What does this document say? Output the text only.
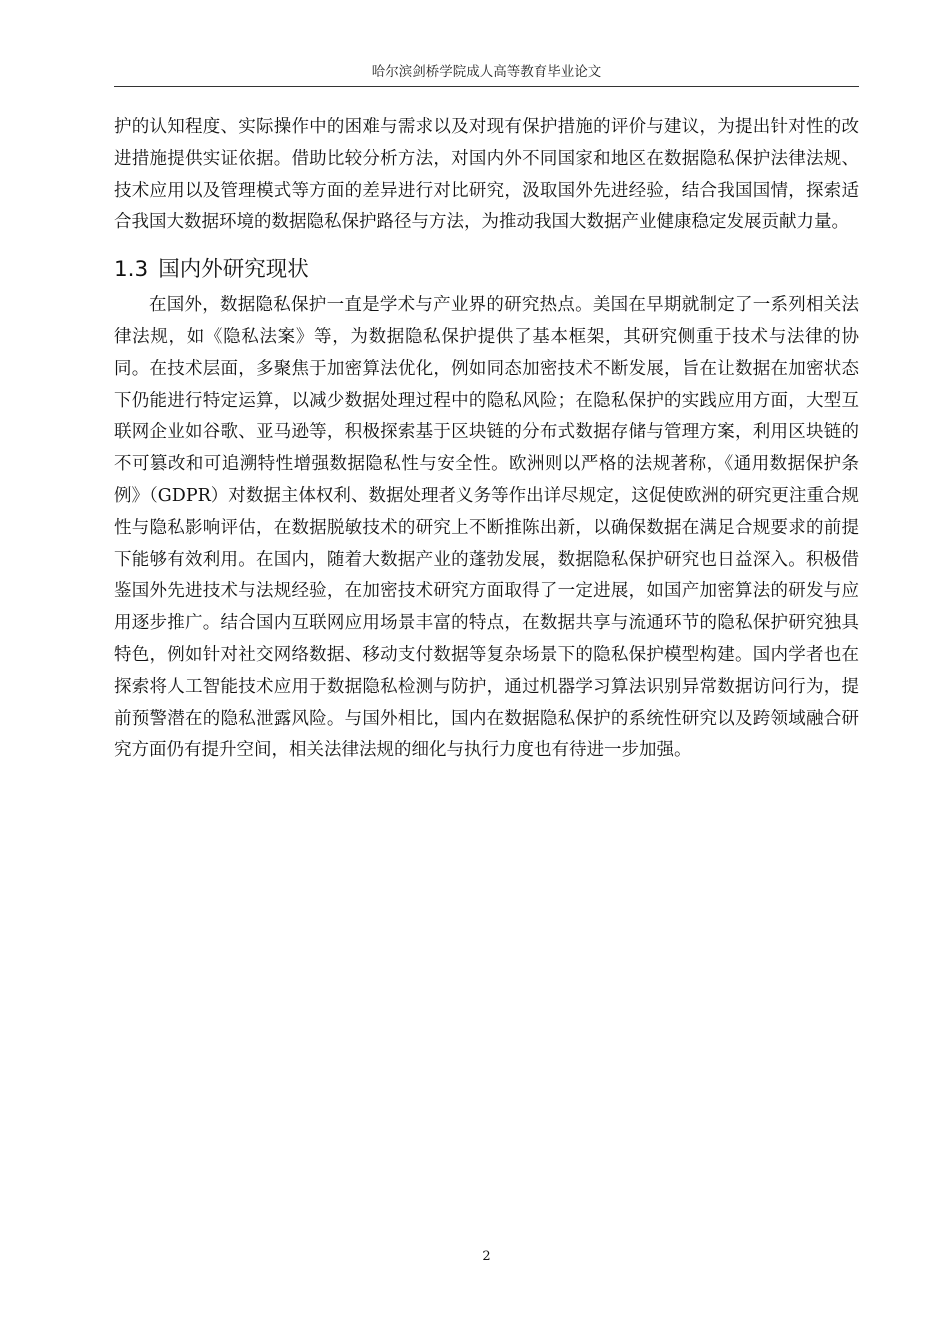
哈尔滨剑桥学院成人高等教育毕业论文

护的认知程度、实际操作中的困难与需求以及对现有保护措施的评价与建议，为提出针对性的改进措施提供实证依据。借助比较分析方法，对国内外不同国家和地区在数据隐私保护法律法规、技术应用以及管理模式等方面的差异进行对比研究，汲取国外先进经验，结合我国国情，探索适合我国大数据环境的数据隐私保护路径与方法，为推动我国大数据产业健康稳定发展贡献力量。

1.3 国内外研究现状

在国外，数据隐私保护一直是学术与产业界的研究热点。美国在早期就制定了一系列相关法律法规，如《隐私法案》等，为数据隐私保护提供了基本框架，其研究侧重于技术与法律的协同。在技术层面，多聚焦于加密算法优化，例如同态加密技术不断发展，旨在让数据在加密状态下仍能进行特定运算，以减少数据处理过程中的隐私风险；在隐私保护的实践应用方面，大型互联网企业如谷歌、亚马逊等，积极探索基于区块链的分布式数据存储与管理方案，利用区块链的不可篡改和可追溯特性增强数据隐私性与安全性。欧洲则以严格的法规著称，《通用数据保护条例》（GDPR）对数据主体权利、数据处理者义务等作出详尽规定，这促使欧洲的研究更注重合规性与隐私影响评估，在数据脱敏技术的研究上不断推陈出新，以确保数据在满足合规要求的前提下能够有效利用。在国内，随着大数据产业的蓬勃发展，数据隐私保护研究也日益深入。积极借鉴国外先进技术与法规经验，在加密技术研究方面取得了一定进展，如国产加密算法的研发与应用逐步推广。结合国内互联网应用场景丰富的特点，在数据共享与流通环节的隐私保护研究独具特色，例如针对社交网络数据、移动支付数据等复杂场景下的隐私保护模型构建。国内学者也在探索将人工智能技术应用于数据隐私检测与防护，通过机器学习算法识别异常数据访问行为，提前预警潜在的隐私泄露风险。与国外相比，国内在数据隐私保护的系统性研究以及跨领域融合研究方面仍有提升空间，相关法律法规的细化与执行力度也有待进一步加强。

2
